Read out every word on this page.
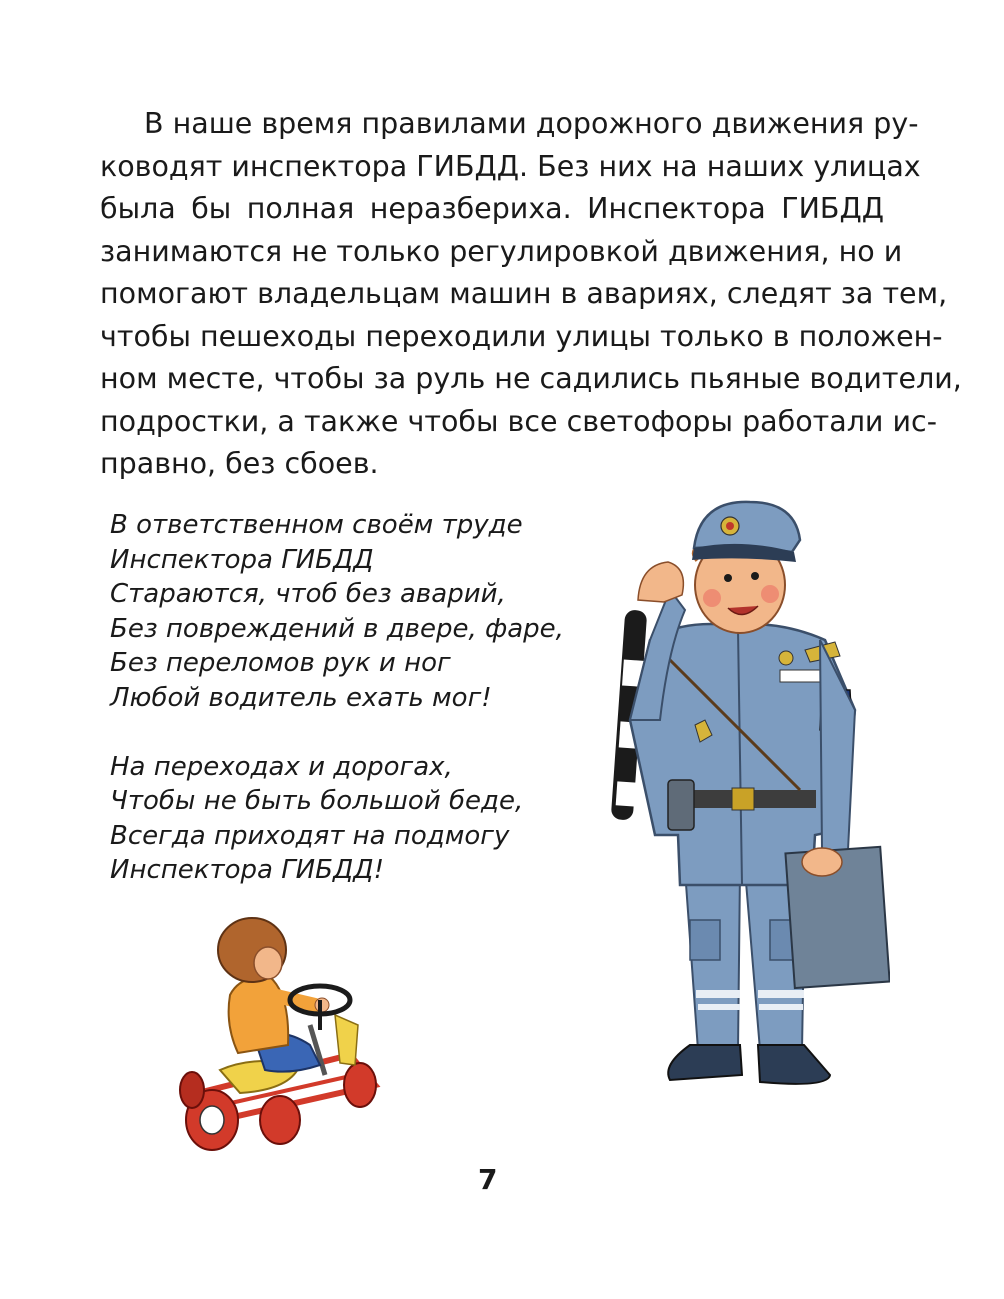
В наше время правилами дорожного движения ру-
ководят инспектора ГИБДД. Без них на наших улицах
была бы полная неразбериха. Инспектора ГИБДД
занимаются не только регулировкой движения, но и
помогают владельцам машин в авариях, следят за тем,
чтобы пешеходы переходили улицы только в положен-
ном месте, чтобы за руль не садились пьяные водители,
подростки, а также чтобы все светофоры работали ис-
правно, без сбоев.
В ответственном своём труде
Инспектора ГИБДД
Стараются, чтоб без аварий,
Без повреждений в двере, фаре,
Без переломов рук и ног
Любой водитель ехать мог!
На переходах и дорогах,
Чтобы не быть большой беде,
Всегда приходят на подмогу
Инспектора ГИБДД!
7
